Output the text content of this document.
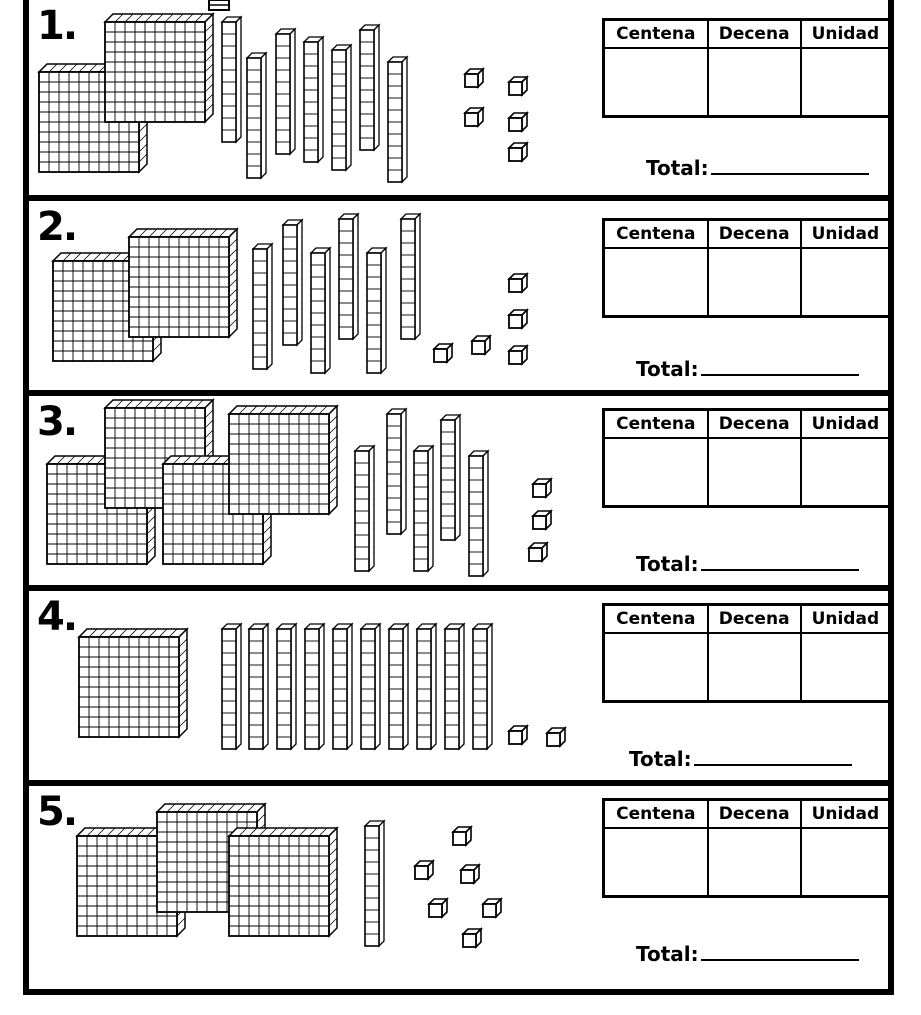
1.	Centena	Decena	Unidad

Total:
2.	Centena	Decena	Unidad

Total:
3.	Centena	Decena	Unidad

Total:
4.	Centena	Decena	Unidad

Total:
5.	Centena	Decena	Unidad

Total:
